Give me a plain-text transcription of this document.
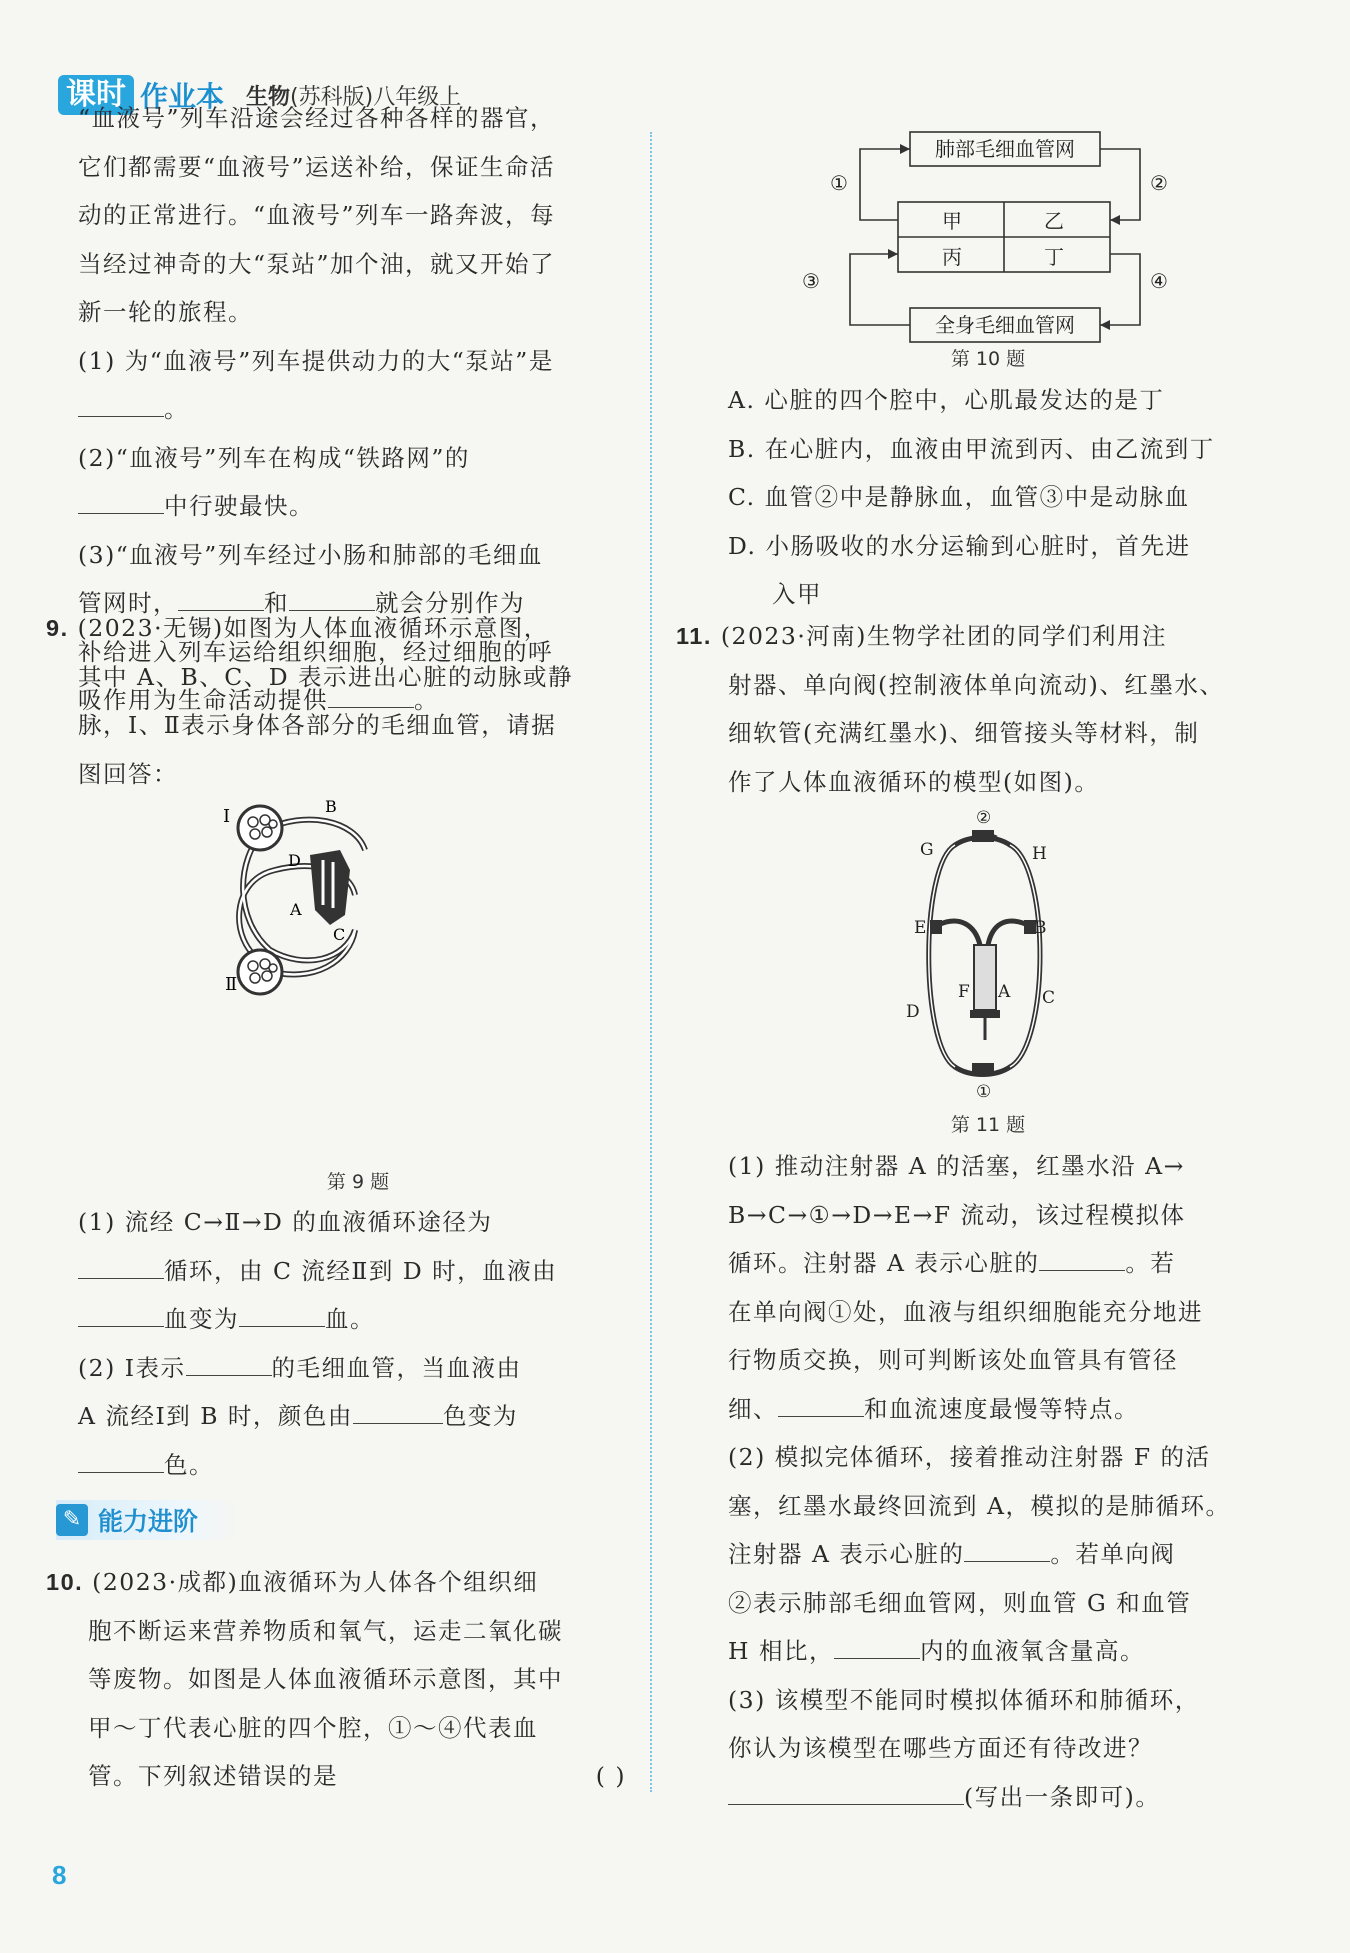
课时 作业本 生物(苏科版)八年级上

“血液号”列车沿途会经过各种各样的器官，

它们都需要“血液号”运送补给，保证生命活

动的正常进行。“血液号”列车一路奔波，每

当经过神奇的大“泵站”加个油，就又开始了

新一轮的旅程。

(1) 为“血液号”列车提供动力的大“泵站”是

。

(2)“血液号”列车在构成“铁路网”的

中行驶最快。

(3)“血液号”列车经过小肠和肺部的毛细血

管网时，	和	就会分别作为

补给进入列车运给组织细胞，经过细胞的呼

吸作用为生命活动提供	。

9. (2023·无锡)如图为人体血液循环示意图，

其中 A、B、C、D 表示进出心脏的动脉或静

脉，Ⅰ、Ⅱ表示身体各部分的毛细血管，请据

图回答：

Ⅰ
Ⅱ
B
D
A
C
第 9 题

(1) 流经 C→Ⅱ→D 的血液循环途径为

循环，由 C 流经Ⅱ到 D 时，血液由

血变为	血。

(2) Ⅰ表示	的毛细血管，当血液由

A 流经Ⅰ到 B 时，颜色由	色变为

色。

✎ 能力进阶

10. (2023·成都)血液循环为人体各个组织细

胞不断运来营养物质和氧气，运走二氧化碳

等废物。如图是人体血液循环示意图，其中

甲～丁代表心脏的四个腔，①～④代表血

管。下列叙述错误的是	( )

肺部毛细血管网
全身毛细血管网
甲	乙
丙	丁
①	②
③	④
第 10 题

A. 心脏的四个腔中，心肌最发达的是丁

B. 在心脏内，血液由甲流到丙、由乙流到丁

C. 血管②中是静脉血，血管③中是动脉血

D. 小肠吸收的水分运输到心脏时，首先进

入甲

11. (2023·河南)生物学社团的同学们利用注

射器、单向阀(控制液体单向流动)、红墨水、

细软管(充满红墨水)、细管接头等材料，制

作了人体血液循环的模型(如图)。

②
①
G	H
E	B
F A
D
C
第 11 题

(1) 推动注射器 A 的活塞，红墨水沿 A→

B→C→①→D→E→F 流动，该过程模拟体

循环。注射器 A 表示心脏的	。若

在单向阀①处，血液与组织细胞能充分地进

行物质交换，则可判断该处血管具有管径

细、	和血流速度最慢等特点。

(2) 模拟完体循环，接着推动注射器 F 的活

塞，红墨水最终回流到 A，模拟的是肺循环。

注射器 A 表示心脏的	。若单向阀

②表示肺部毛细血管网，则血管 G 和血管

H 相比，	内的血液氧含量高。

(3) 该模型不能同时模拟体循环和肺循环，

你认为该模型在哪些方面还有待改进？

(写出一条即可)。

8
